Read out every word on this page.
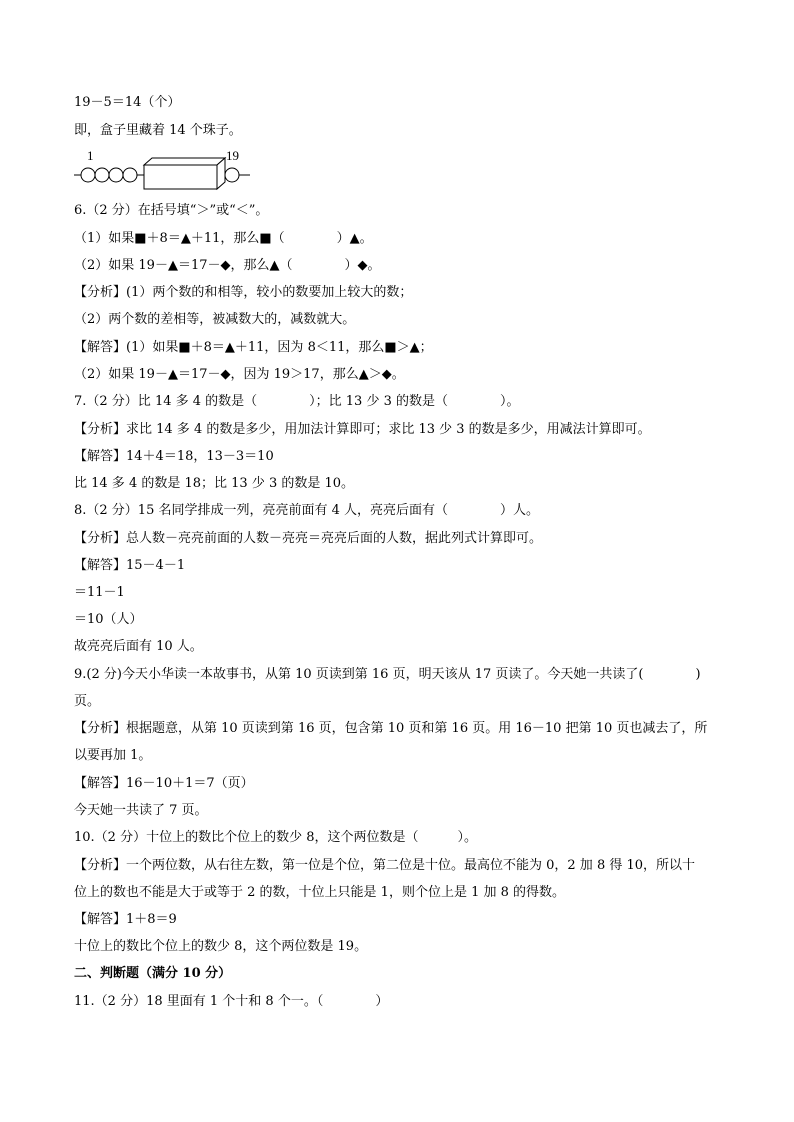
19－5＝14（个）
即，盒子里藏着 14 个珠子。
6.（2 分）在括号填“＞”或“＜”。
（1）如果■＋8＝▲＋11，那么■（　　　　）▲。
（2）如果 19－▲＝17－◆，那么▲（　　　　）◆。
【分析】(1）两个数的和相等，较小的数要加上较大的数；
（2）两个数的差相等，被减数大的，减数就大。
【解答】(1）如果■＋8＝▲＋11，因为 8＜11，那么■＞▲；
（2）如果 19－▲＝17－◆，因为 19＞17，那么▲＞◆。
7.（2 分）比 14 多 4 的数是（　　　　）；比 13 少 3 的数是（　　　　）。
【分析】求比 14 多 4 的数是多少，用加法计算即可；求比 13 少 3 的数是多少，用减法计算即可。
【解答】14＋4＝18，13－3＝10
比 14 多 4 的数是 18；比 13 少 3 的数是 10。
8.（2 分）15 名同学排成一列，亮亮前面有 4 人，亮亮后面有（　　　　）人。
【分析】总人数－亮亮前面的人数－亮亮＝亮亮后面的人数，据此列式计算即可。
【解答】15－4－1
＝11－1
＝10（人）
故亮亮后面有 10 人。
9.(2 分)今天小华读一本故事书，从第 10 页读到第 16 页，明天该从 17 页读了。今天她一共读了(　　　　)
页。
【分析】根据题意，从第 10 页读到第 16 页，包含第 10 页和第 16 页。用 16－10 把第 10 页也减去了，所
以要再加 1。
【解答】16－10＋1＝7（页）
今天她一共读了 7 页。
10.（2 分）十位上的数比个位上的数少 8，这个两位数是（　　　）。
【分析】一个两位数，从右往左数，第一位是个位，第二位是十位。最高位不能为 0，2 加 8 得 10，所以十
位上的数也不能是大于或等于 2 的数，十位上只能是 1，则个位上是 1 加 8 的得数。
【解答】1＋8＝9
十位上的数比个位上的数少 8，这个两位数是 19。
二、判断题（满分 10 分）
11.（2 分）18 里面有 1 个十和 8 个一。（　　　　）
1	19
